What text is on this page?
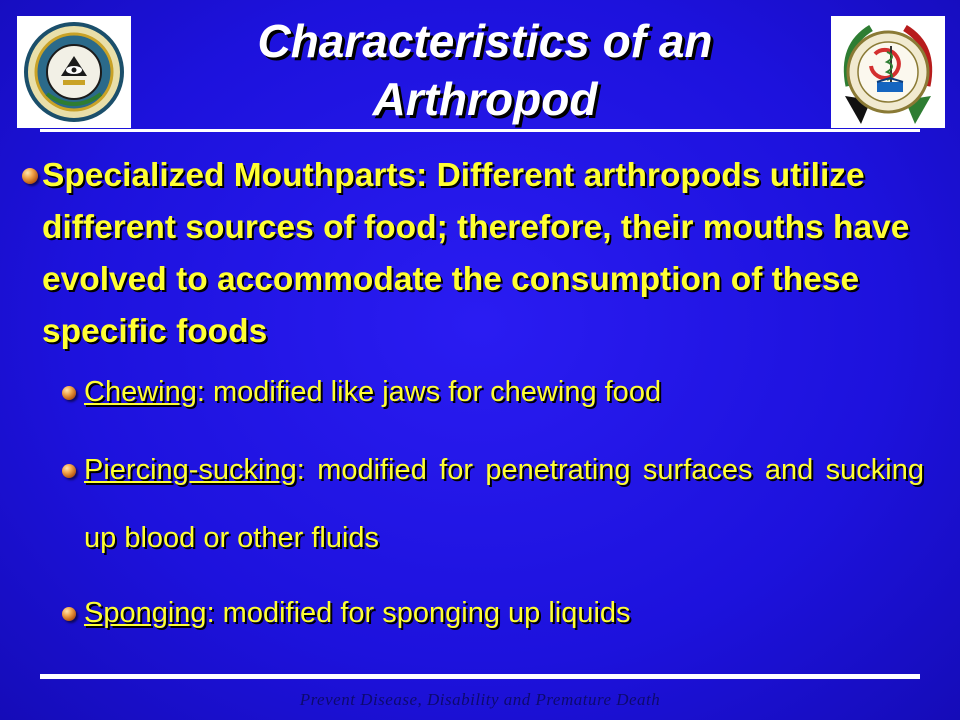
Characteristics of an
Arthropod
Specialized Mouthparts: Different arthropods utilize different sources of food; therefore, their mouths have evolved to accommodate the consumption of these specific foods
Chewing: modified like jaws for chewing food
Piercing-sucking: modified for penetrating surfaces and sucking up blood or other fluids
Sponging: modified for sponging up liquids
Prevent Disease, Disability and Premature Death
